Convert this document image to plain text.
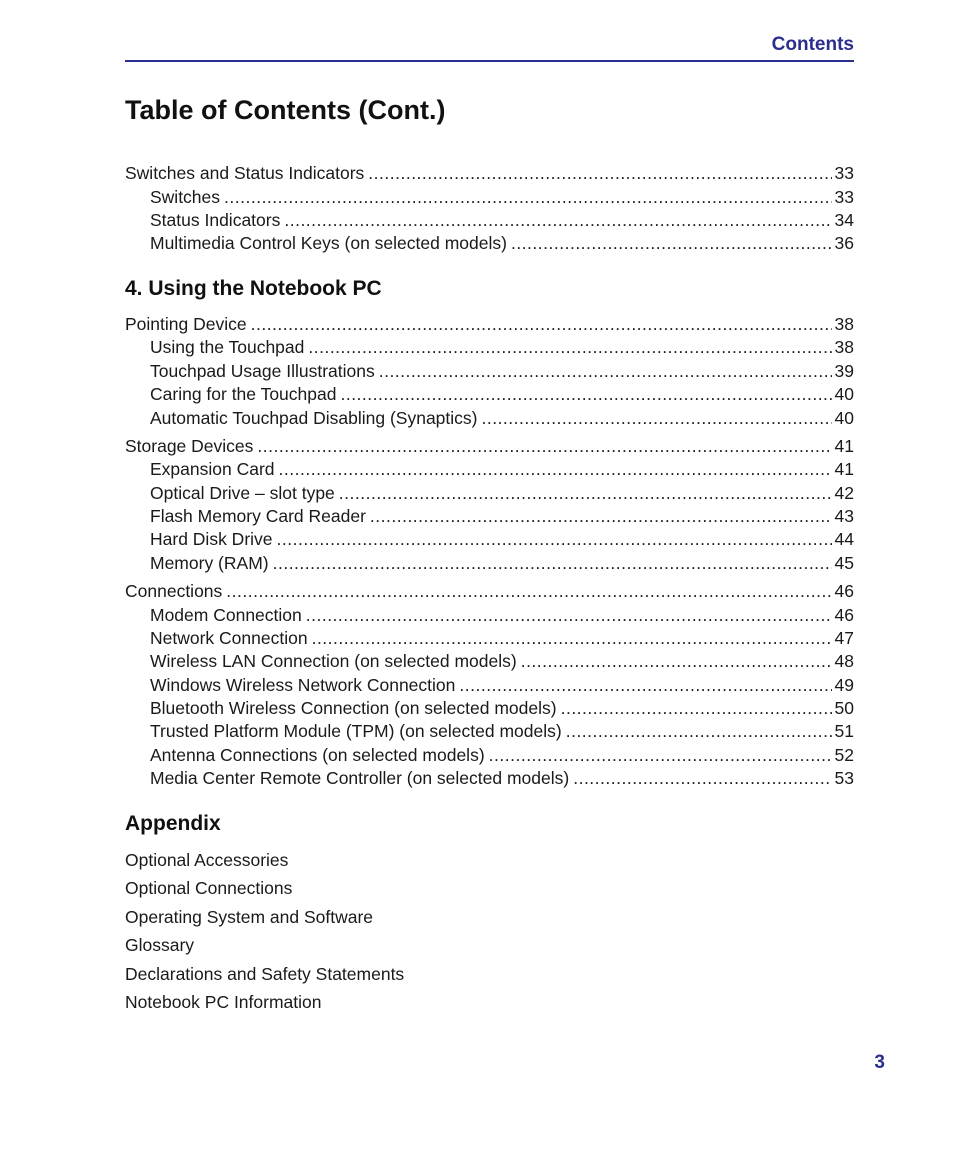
Contents
Table of Contents (Cont.)
Switches and Status Indicators .....	33
Switches .....	33
Status Indicators .....	34
Multimedia Control Keys (on selected models) .....	36
4. Using the Notebook PC
Pointing Device .....	38
Using the Touchpad .....	38
Touchpad Usage Illustrations .....	39
Caring for the Touchpad .....	40
Automatic Touchpad Disabling (Synaptics) .....	40
Storage Devices .....	41
Expansion Card .....	41
Optical Drive – slot type .....	42
Flash Memory Card Reader .....	43
Hard Disk Drive .....	44
Memory (RAM) .....	45
Connections .....	46
Modem Connection .....	46
Network Connection .....	47
Wireless LAN Connection (on selected models) .....	48
Windows Wireless Network Connection .....	49
Bluetooth Wireless Connection (on selected models) .....	50
Trusted Platform Module (TPM) (on selected models) .....	51
Antenna Connections (on selected models) .....	52
Media Center Remote Controller (on selected models) .....	53
Appendix
Optional Accessories
Optional Connections
Operating System and Software
Glossary
Declarations and Safety Statements
Notebook PC Information
3
